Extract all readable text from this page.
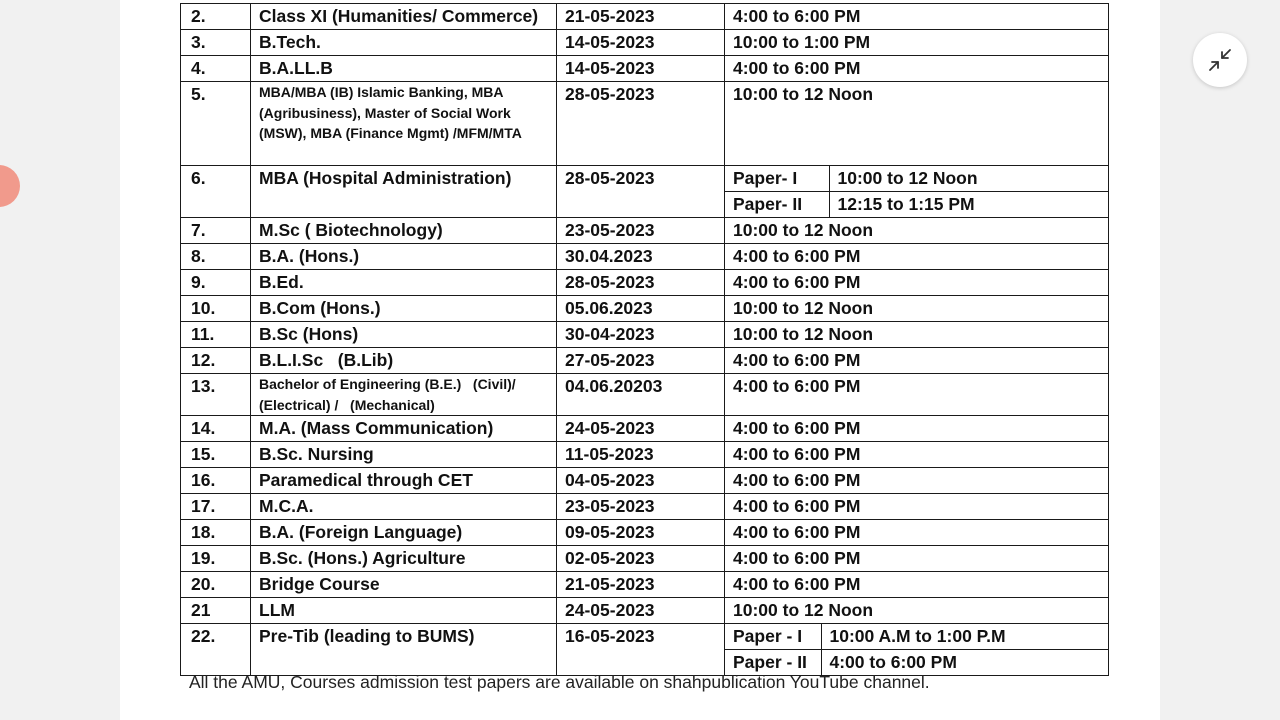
2.	Class XI (Humanities/ Commerce)	21-05-2023	4:00 to 6:00 PM
3.	B.Tech.	14-05-2023	10:00 to 1:00 PM
4.	B.A.LL.B	14-05-2023	4:00 to 6:00 PM
5.	MBA/MBA (IB) Islamic Banking, MBA (Agribusiness), Master of Social Work (MSW), MBA (Finance Mgmt) /MFM/MTA	28-05-2023	10:00 to 12 Noon
6.	MBA (Hospital Administration)	28-05-2023		Paper- I	10:00 to 12 Noon
Paper- II	12:15 to 1:15 PM

7.	M.Sc ( Biotechnology)	23-05-2023	10:00 to 12 Noon
8.	B.A. (Hons.)	30.04.2023	4:00 to 6:00 PM
9.	B.Ed.	28-05-2023	4:00 to 6:00 PM
10.	B.Com (Hons.)	05.06.2023	10:00 to 12 Noon
11.	B.Sc (Hons)	30-04-2023	10:00 to 12 Noon
12.	B.L.I.Sc   (B.Lib)	27-05-2023	4:00 to 6:00 PM
13.	Bachelor of Engineering (B.E.)   (Civil)/ (Electrical) /   (Mechanical)	04.06.20203	4:00 to 6:00 PM
14.	M.A. (Mass Communication)	24-05-2023	4:00 to 6:00 PM
15.	B.Sc. Nursing	11-05-2023	4:00 to 6:00 PM
16.	Paramedical through CET	04-05-2023	4:00 to 6:00 PM
17.	M.C.A.	23-05-2023	4:00 to 6:00 PM
18.	B.A. (Foreign Language)	09-05-2023	4:00 to 6:00 PM
19.	B.Sc. (Hons.) Agriculture	02-05-2023	4:00 to 6:00 PM
20.	Bridge Course	21-05-2023	4:00 to 6:00 PM
21	LLM	24-05-2023	10:00 to 12 Noon
22.	Pre-Tib (leading to BUMS)	16-05-2023		Paper - I	10:00 A.M to 1:00 P.M
Paper - II	4:00 to 6:00 PM
All the AMU, Courses admission test papers are available on shahpublication YouTube channel.
